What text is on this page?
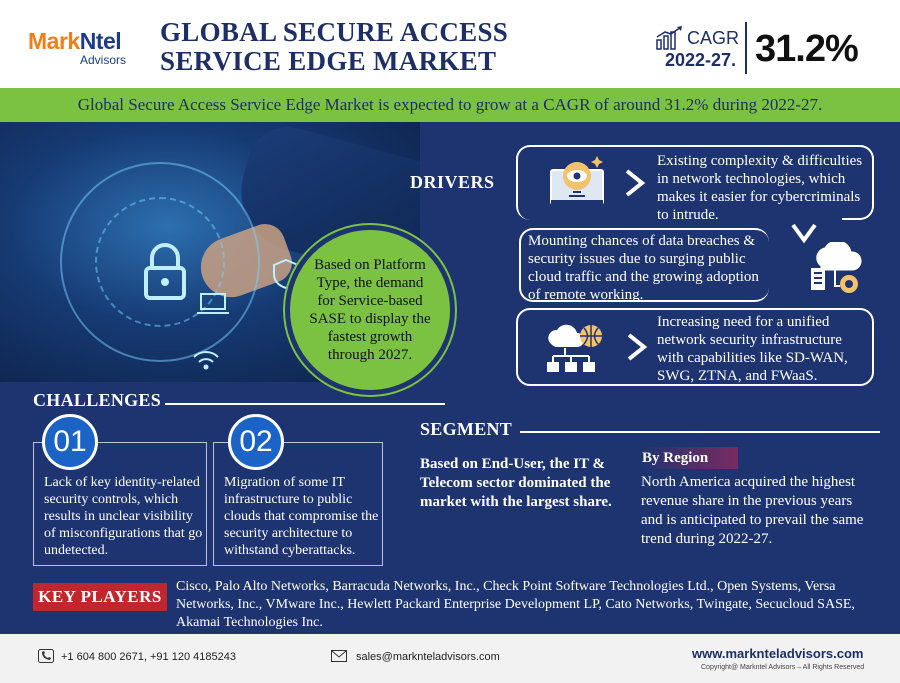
MarkNtel
Advisors
GLOBAL SECURE ACCESS
SERVICE EDGE MARKET
CAGR
2022-27. 31.2%
Global Secure Access Service Edge Market is expected to grow at a CAGR of around 31.2% during 2022-27.
Based on Platform Type, the demand for Service-based SASE to display the fastest growth through 2027.
DRIVERS
Existing complexity & difficulties in network technologies, which makes it easier for cybercriminals to intrude.
Mounting chances of data breaches & security issues due to surging public cloud traffic and the growing adoption of remote working.
Increasing need for a unified network security infrastructure with capabilities like SD-WAN, SWG, ZTNA, and FWaaS.
CHALLENGES
01
Lack of key identity-related security controls, which results in unclear visibility of misconfigurations that go undetected.
02
Migration of some IT infrastructure to public clouds that compromise the security architecture to withstand cyberattacks.
SEGMENT
Based on End-User, the IT & Telecom sector dominated the market with the largest share.
By Region
North America acquired the highest revenue share in the previous years and is anticipated to prevail the same trend during 2022-27.
KEY PLAYERS
Cisco, Palo Alto Networks, Barracuda Networks, Inc., Check Point Software Technologies Ltd., Open Systems, Versa Networks, Inc., VMware Inc., Hewlett Packard Enterprise Development LP, Cato Networks, Twingate, Secucloud SASE, Akamai Technologies Inc.
+1 604 800 2671, +91 120 4185243	sales@marknteladvisors.com	www.marknteladvisors.com
Copyright@ Markntel Advisors – All Rights Reserved
